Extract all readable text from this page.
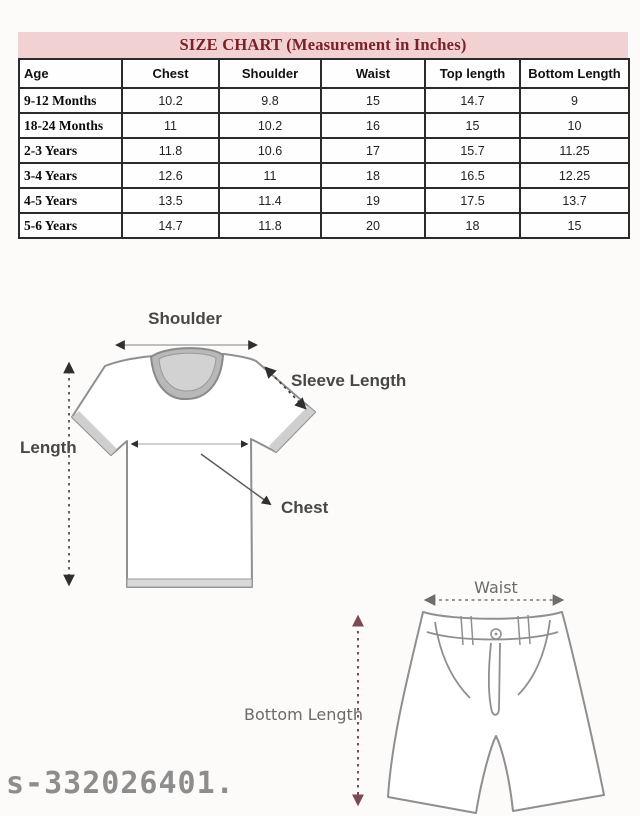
SIZE CHART (Measurement in Inches)
Age	Chest	Shoulder	Waist	Top length	Bottom Length
9-12 Months	10.2	9.8	15	14.7	9
18-24 Months	11	10.2	16	15	10
2-3 Years	11.8	10.6	17	15.7	11.25
3-4 Years	12.6	11	18	16.5	12.25
4-5 Years	13.5	11.4	19	17.5	13.7
5-6 Years	14.7	11.8	20	18	15
Shoulder
Sleeve Length
Length
Chest
Waist
Bottom Length
s-332026401.
